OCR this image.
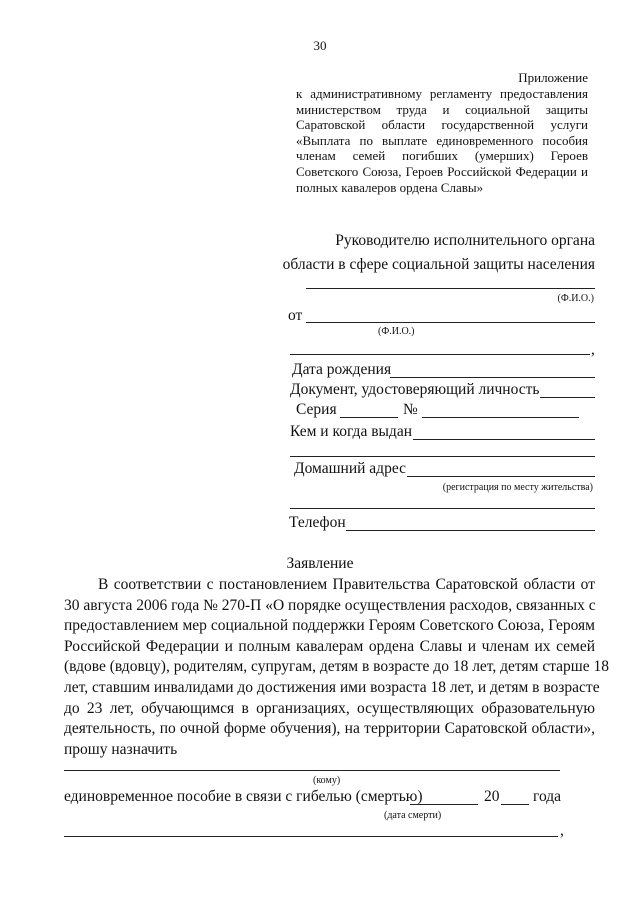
30
Приложение
к административному регламенту предоставления
министерством труда и социальной защиты
Саратовской области государственной услуги
«Выплата по выплате единовременного пособия
членам семей погибших (умерших) Героев
Советского Союза, Героев Российской Федерации и
полных кавалеров ордена Славы»
Руководителю исполнительного органа
области в сфере социальной защиты населения
(Ф.И.О.)
от
(Ф.И.О.)
,
Дата рождения
Документ, удостоверяющий личность
Серия	№
Кем и когда выдан
Домашний адрес
(регистрация по месту жительства)
Телефон
Заявление
В соответствии с постановлением Правительства Саратовской области от
30 августа 2006 года № 270-П «О порядке осуществления расходов, связанных с
предоставлением мер социальной поддержки Героям Советского Союза, Героям
Российской Федерации и полным кавалерам ордена Славы и членам их семей
(вдове (вдовцу), родителям, супругам, детям в возрасте до 18 лет, детям старше 18
лет, ставшим инвалидами до достижения ими возраста 18 лет, и детям в возрасте
до 23 лет, обучающимся в организациях, осуществляющих образовательную
деятельность, по очной форме обучения), на территории Саратовской области»,
прошу назначить
(кому)
единовременное пособие в связи с гибелью (смертью)	20 года
(дата смерти)
,
